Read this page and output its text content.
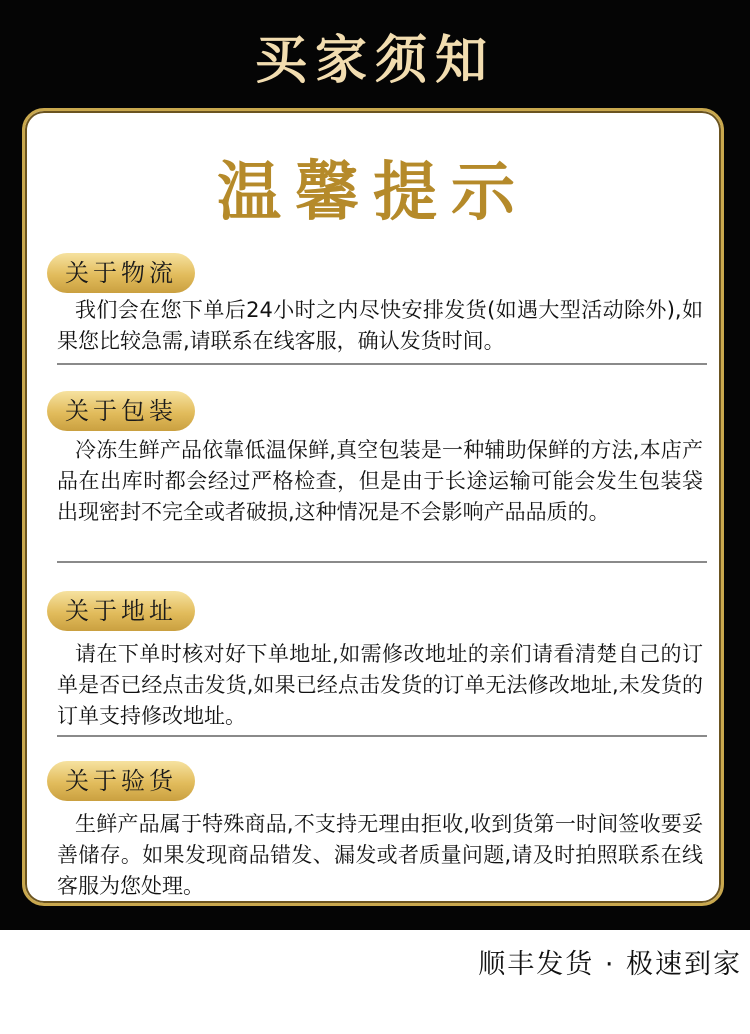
买家须知
温馨提示
关于物流
我们会在您下单后24小时之内尽快安排发货(如遇大型活动除外),如果您比较急需,请联系在线客服，确认发货时间。
关于包装
冷冻生鲜产品依靠低温保鲜,真空包装是一种辅助保鲜的方法,本店产品在出库时都会经过严格检查，但是由于长途运输可能会发生包装袋出现密封不完全或者破损,这种情况是不会影响产品品质的。
关于地址
请在下单时核对好下单地址,如需修改地址的亲们请看清楚自己的订单是否已经点击发货,如果已经点击发货的订单无法修改地址,未发货的订单支持修改地址。
关于验货
生鲜产品属于特殊商品,不支持无理由拒收,收到货第一时间签收要妥善储存。如果发现商品错发、漏发或者质量问题,请及时拍照联系在线客服为您处理。
顺丰发货 · 极速到家
